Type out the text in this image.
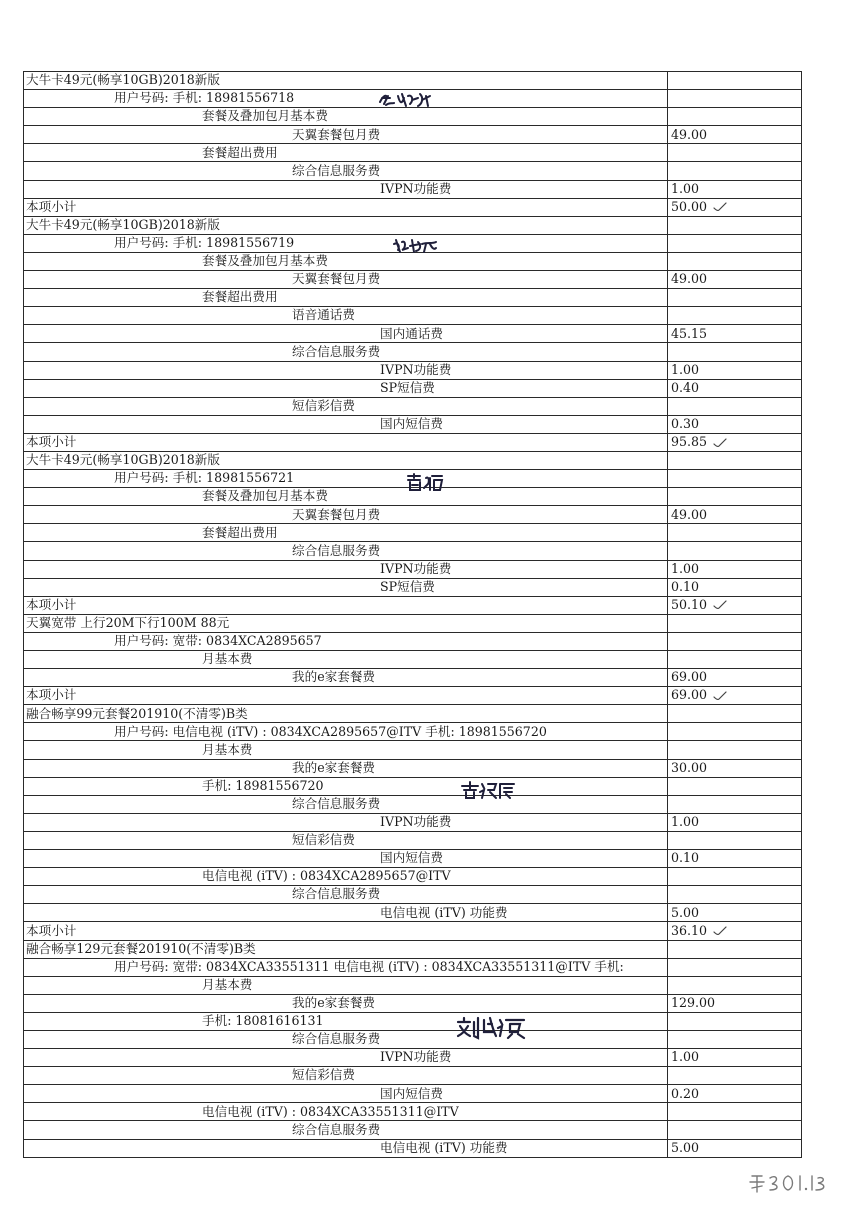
大牛卡49元(畅享10GB)2018新版	
用户号码: 手机: 18981556718	
套餐及叠加包月基本费	
天翼套餐包月费	49.00
套餐超出费用	
综合信息服务费	
IVPN功能费	1.00
本项小计	50.00
大牛卡49元(畅享10GB)2018新版	
用户号码: 手机: 18981556719	
套餐及叠加包月基本费	
天翼套餐包月费	49.00
套餐超出费用	
语音通话费	
国内通话费	45.15
综合信息服务费	
IVPN功能费	1.00
SP短信费	0.40
短信彩信费	
国内短信费	0.30
本项小计	95.85
大牛卡49元(畅享10GB)2018新版	
用户号码: 手机: 18981556721	
套餐及叠加包月基本费	
天翼套餐包月费	49.00
套餐超出费用	
综合信息服务费	
IVPN功能费	1.00
SP短信费	0.10
本项小计	50.10
天翼宽带 上行20M下行100M 88元	
用户号码: 宽带: 0834XCA2895657	
月基本费	
我的e家套餐费	69.00
本项小计	69.00
融合畅享99元套餐201910(不清零)B类	
用户号码: 电信电视 (iTV) : 0834XCA2895657@ITV 手机: 18981556720	
月基本费	
我的e家套餐费	30.00
手机: 18981556720	
综合信息服务费	
IVPN功能费	1.00
短信彩信费	
国内短信费	0.10
电信电视 (iTV) : 0834XCA2895657@ITV	
综合信息服务费	
电信电视 (iTV) 功能费	5.00
本项小计	36.10
融合畅享129元套餐201910(不清零)B类	
用户号码: 宽带: 0834XCA33551311 电信电视 (iTV) : 0834XCA33551311@ITV 手机:	
月基本费	
我的e家套餐费	129.00
手机: 18081616131	
综合信息服务费	
IVPN功能费	1.00
短信彩信费	
国内短信费	0.20
电信电视 (iTV) : 0834XCA33551311@ITV	
综合信息服务费	
电信电视 (iTV) 功能费	5.00
